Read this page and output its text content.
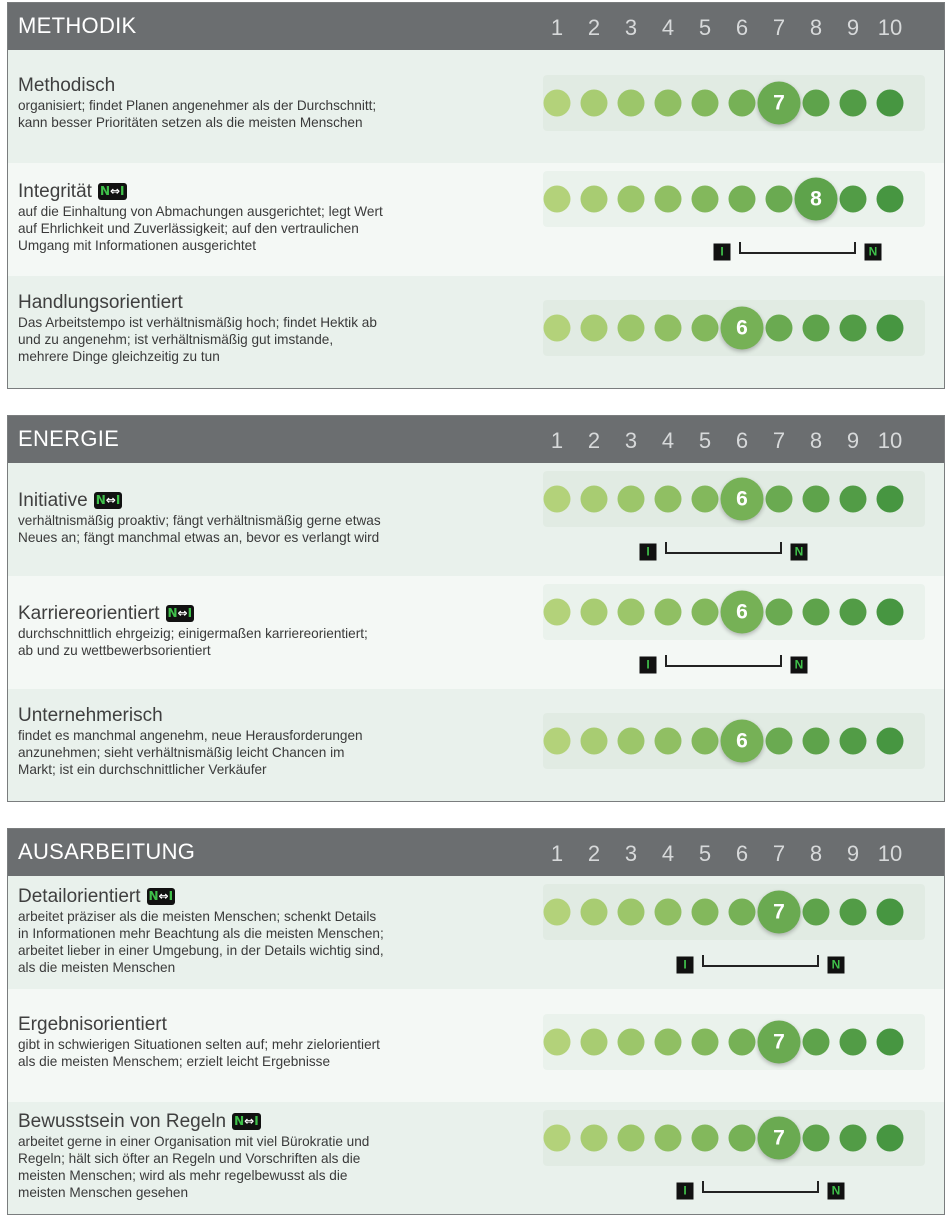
METHODIK	1	2	3	4	5	6	7	8	9 10
Methodisch
organisiert; findet Planen angenehmer als der Durchschnitt;
kann besser Prioritäten setzen als die meisten Menschen
7
Integrität N⇔I
auf die Einhaltung von Abmachungen ausgerichtet; legt Wert
auf Ehrlichkeit und Zuverlässigkeit; auf den vertraulichen
Umgang mit Informationen ausgerichtet
8
I	N
Handlungsorientiert
Das Arbeitstempo ist verhältnismäßig hoch; findet Hektik ab
und zu angenehm; ist verhältnismäßig gut imstande,
mehrere Dinge gleichzeitig zu tun
6
ENERGIE	1	2	3	4	5	6	7	8	9 10
Initiative N⇔I
verhältnismäßig proaktiv; fängt verhältnismäßig gerne etwas
Neues an; fängt manchmal etwas an, bevor es verlangt wird
6
I	N
Karriereorientiert N⇔I
durchschnittlich ehrgeizig; einigermaßen karriereorientiert;
ab und zu wettbewerbsorientiert
6
I	N
Unternehmerisch
findet es manchmal angenehm, neue Herausforderungen
anzunehmen; sieht verhältnismäßig leicht Chancen im
Markt; ist ein durchschnittlicher Verkäufer
6
AUSARBEITUNG	1	2	3	4	5	6	7	8	9 10
Detailorientiert N⇔I
arbeitet präziser als die meisten Menschen; schenkt Details
in Informationen mehr Beachtung als die meisten Menschen;
arbeitet lieber in einer Umgebung, in der Details wichtig sind,
als die meisten Menschen
7
I	N
Ergebnisorientiert
gibt in schwierigen Situationen selten auf; mehr zielorientiert
als die meisten Menschem; erzielt leicht Ergebnisse
7
Bewusstsein von Regeln N⇔I
arbeitet gerne in einer Organisation mit viel Bürokratie und
Regeln; hält sich öfter an Regeln und Vorschriften als die
meisten Menschen; wird als mehr regelbewusst als die
meisten Menschen gesehen
7
I	N
